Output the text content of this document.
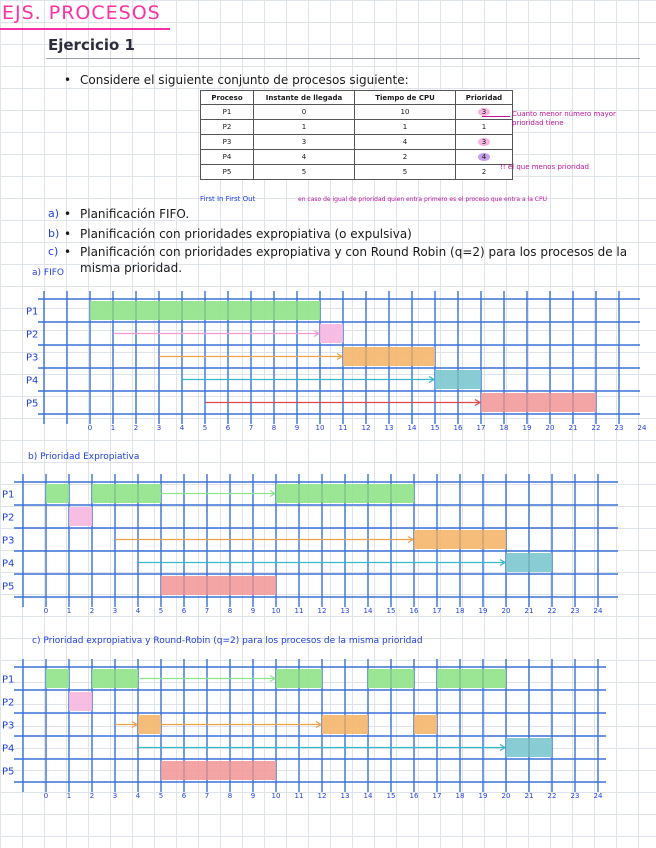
EJS. PROCESOS
Ejercicio 1
• Considere el siguiente conjunto de procesos siguiente:
Proceso	Instante de llegada	Tiempo de CPU	Prioridad
P1	0	10	3
P2	1	1	1
P3	3	4	3
P4	4	2	4
P5	5	5	2
Cuanto menor número mayor prioridad tiene
!! el que menos prioridad
a) • Planificación FIFO.
First In First Out	en caso de igual de prioridad quien entra primero es el proceso que entra a la CPU
b) • Planificación con prioridades expropiativa (o expulsiva)
c) • Planificación con prioridades expropiativa y con Round Robin (q=2) para los procesos de la misma prioridad.
a) FIFO
b) Prioridad Expropiativa
c) Prioridad expropiativa y Round-Robin (q=2) para los procesos de la misma prioridad
P1
P2
P3
P4
P5
0	1	2	3	4	5	6	7	8	9 10 11 12 13 14 15 16 17 18 19 20 21 22 23 24
P1
P2
P3
P4
P5
0	1	2	3	4	5	6	7	8	9 10 11 12 13 14 15 16 17 18 19 20 21 22 23 24
P1
P2
P3
P4
P5
0	1	2	3	4	5	6	7	8	9 10 11 12 13 14 15 16 17 18 19 20 21 22 23 24
